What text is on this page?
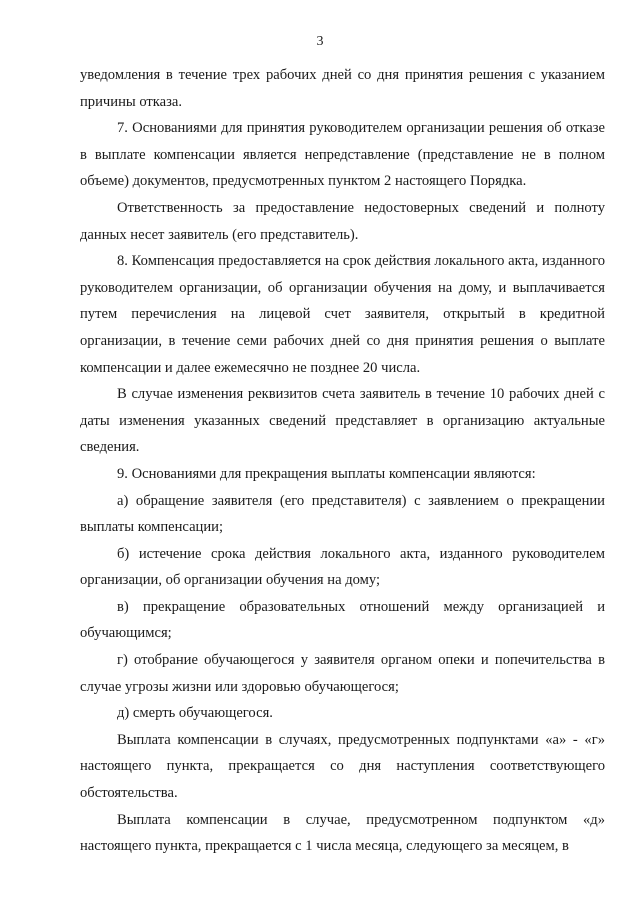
3

уведомления в течение трех рабочих дней со дня принятия решения с указанием причины отказа.

7. Основаниями для принятия руководителем организации решения об отказе в выплате компенсации является непредставление (представление не в полном объеме) документов, предусмотренных пунктом 2 настоящего Порядка.

Ответственность за предоставление недостоверных сведений и полноту данных несет заявитель (его представитель).

8. Компенсация предоставляется на срок действия локального акта, изданного руководителем организации, об организации обучения на дому, и выплачивается путем перечисления на лицевой счет заявителя, открытый в кредитной организации, в течение семи рабочих дней со дня принятия решения о выплате компенсации и далее ежемесячно не позднее 20 числа.

В случае изменения реквизитов счета заявитель в течение 10 рабочих дней с даты изменения указанных сведений представляет в организацию актуальные сведения.

9. Основаниями для прекращения выплаты компенсации являются:

а) обращение заявителя (его представителя) с заявлением о прекращении выплаты компенсации;

б) истечение срока действия локального акта, изданного руководителем организации, об организации обучения на дому;

в) прекращение образовательных отношений между организацией и обучающимся;

г) отобрание обучающегося у заявителя органом опеки и попечительства в случае угрозы жизни или здоровью обучающегося;

д) смерть обучающегося.

Выплата компенсации в случаях, предусмотренных подпунктами «а» - «г» настоящего пункта, прекращается со дня наступления соответствующего обстоятельства.

Выплата компенсации в случае, предусмотренном подпунктом «д» настоящего пункта, прекращается с 1 числа месяца, следующего за месяцем, в
